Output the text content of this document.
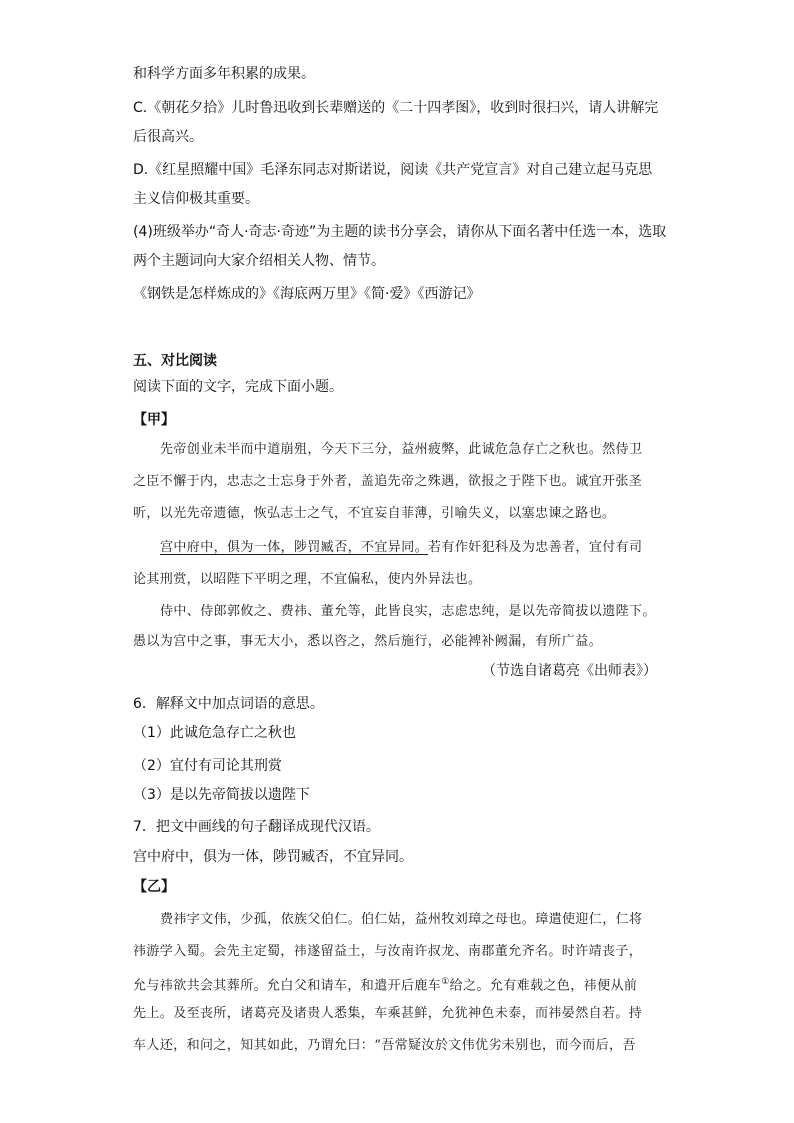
和科学方面多年积累的成果。
C.《朝花夕拾》儿时鲁迅收到长辈赠送的《二十四孝图》，收到时很扫兴，请人讲解完
后很高兴。
D.《红星照耀中国》毛泽东同志对斯诺说，阅读《共产党宣言》对自己建立起马克思
主义信仰极其重要。
(4)班级举办“奇人·奇志·奇迹”为主题的读书分享会，请你从下面名著中任选一本，选取
两个主题词向大家介绍相关人物、情节。
《钢铁是怎样炼成的》《海底两万里》《简·爱》《西游记》
五、对比阅读
阅读下面的文字，完成下面小题。
【甲】
先帝创业未半而中道崩殂，今天下三分，益州疲弊，此诚危急存亡之秋也。然侍卫
之臣不懈于内，忠志之士忘身于外者，盖追先帝之殊遇，欲报之于陛下也。诚宜开张圣
听，以光先帝遗德，恢弘志士之气，不宜妄自菲薄，引喻失义，以塞忠谏之路也。
宫中府中，俱为一体，陟罚臧否，不宜异同。若有作奸犯科及为忠善者，宜付有司
论其刑赏，以昭陛下平明之理，不宜偏私，使内外异法也。
侍中、侍郎郭攸之、费祎、董允等，此皆良实，志虑忠纯，是以先帝简拔以遗陛下。
愚以为宫中之事，事无大小，悉以咨之，然后施行，必能裨补阙漏，有所广益。
（节选自诸葛亮《出师表》）
6．解释文中加点词语的意思。
（1）此诚危急存亡之秋也
（2）宜付有司论其刑赏
（3）是以先帝简拔以遗陛下
7．把文中画线的句子翻译成现代汉语。
宫中府中，俱为一体，陟罚臧否，不宜异同。
【乙】
费祎字文伟，少孤，依族父伯仁。伯仁姑，益州牧刘璋之母也。璋遣使迎仁，仁将
祎游学入蜀。会先主定蜀，祎遂留益土，与汝南许叔龙、南郡董允齐名。时许靖丧子，
允与祎欲共会其葬所。允白父和请车，和遣开后鹿车①给之。允有难载之色，祎便从前
先上。及至丧所，诸葛亮及诸贵人悉集，车乘甚鲜，允犹神色未泰，而祎晏然自若。持
车人还，和问之，知其如此，乃谓允曰：“吾常疑汝於文伟优劣未别也，而今而后，吾
